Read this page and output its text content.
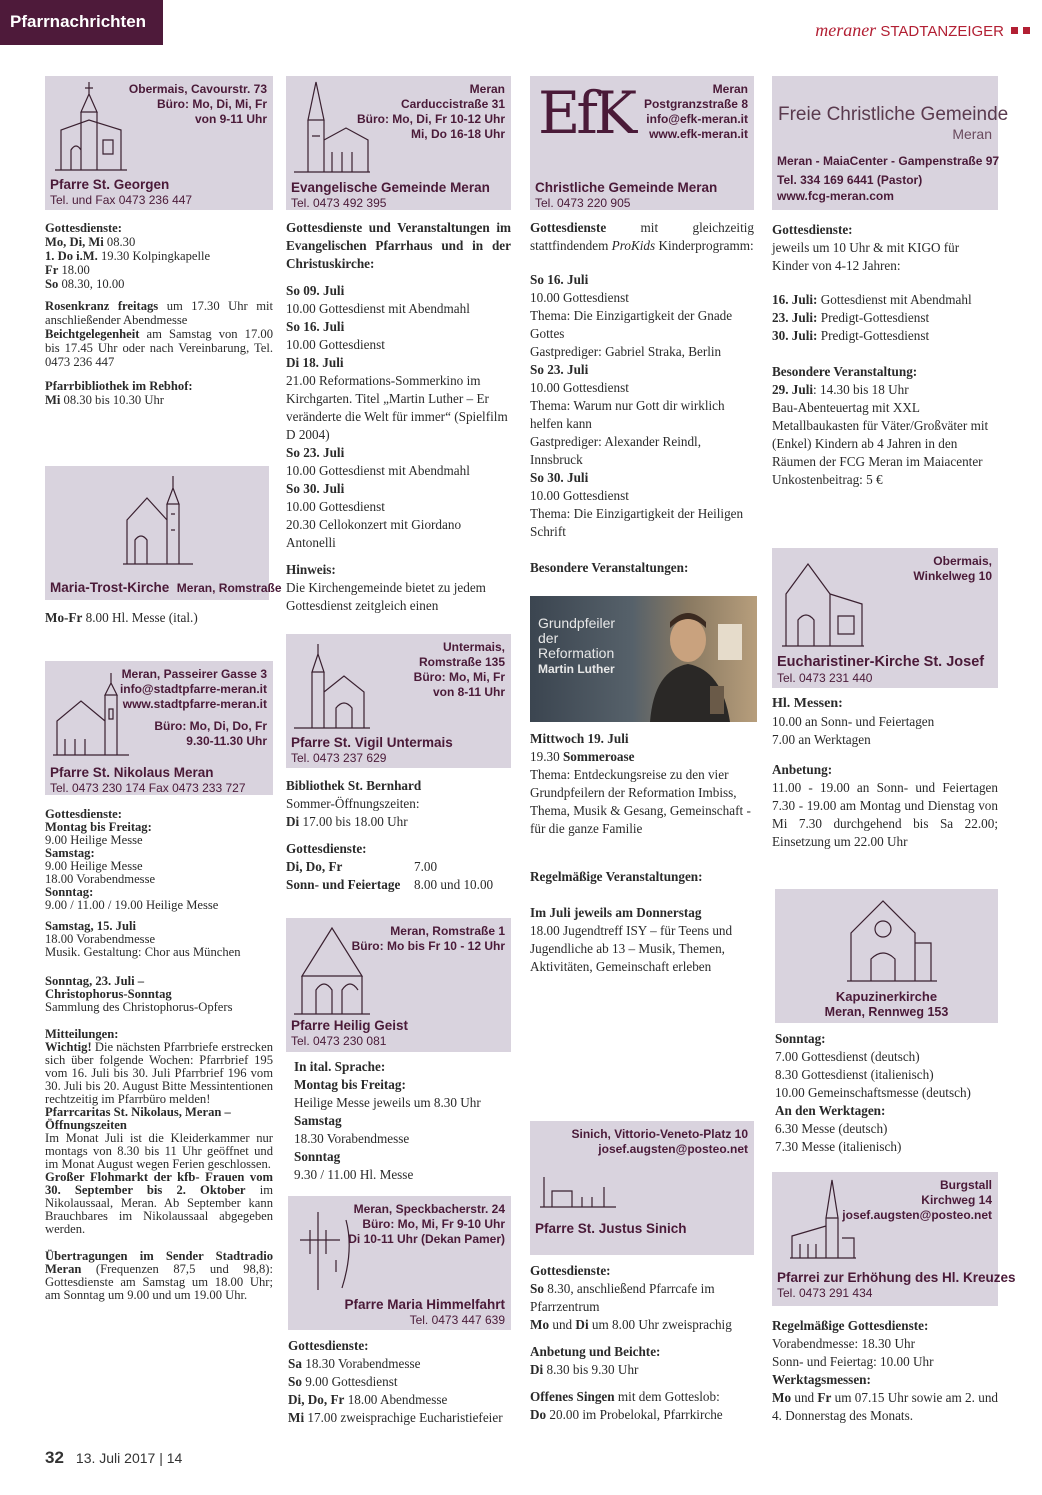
Pfarrnachrichten	meraner STADTANZEIGER
Obermais, Cavourstr. 73
Büro: Mo, Di, Mi, Fr
von 9-11 Uhr
Pfarre St. Georgen
Tel. und Fax 0473 236 447

Gottesdienste:

Mo, Di, Mi 08.30
1. Do i.M. 19.30 Kolpingkapelle
Fr 18.00

So 08.30, 10.00

Rosenkranz freitags um 17.30 Uhr mit anschließender Abendmesse

Beichtgelegenheit am Samstag von 17.00 bis 17.45 Uhr oder nach Vereinbarung, Tel. 0473 236 447

Pfarrbibliothek im Rebhof:
Mi 08.30 bis 10.30 Uhr
Maria-Trost-Kirche Meran, Romstraße
Mo-Fr 8.00 Hl. Messe (ital.)
Meran, Passeirer Gasse 3
info@stadtpfarre-meran.it
www.stadtpfarre-meran.it
Büro: Mo, Di, Do, Fr
9.30-11.30 Uhr
Pfarre St. Nikolaus Meran
Tel. 0473 230 174 Fax 0473 233 727
Gottesdienste:
Montag bis Freitag:
9.00 Heilige Messe
Samstag:
9.00 Heilige Messe
18.00 Vorabendmesse
Sonntag:

9.00 / 11.00 / 19.00 Heilige Messe

Samstag, 15. Juli
18.00 Vorabendmesse

Musik. Gestaltung: Chor aus München

Sonntag, 23. Juli –
Christophorus-Sonntag

Sammlung des Christophorus-Opfers

Mitteilungen:
Wichtig! Die nächsten Pfarrbriefe erstrecken sich über folgende Wochen: Pfarrbrief 195 vom 16. Juli bis 30. Juli Pfarrbrief 196 vom 30. Juli bis 20. August Bitte Messintentionen rechtzeitig im Pfarrbüro melden!
Pfarrcaritas St. Nikolaus, Meran – Öffnungszeiten
Im Monat Juli ist die Kleiderkammer nur montags von 8.30 bis 11 Uhr geöffnet und im Monat August wegen Ferien geschlossen.

Großer Flohmarkt der kfb- Frauen vom 30. September bis 2. Oktober im Nikolaussaal, Meran. Ab September kann Brauchbares im Nikolaussaal abgegeben werden.

Übertragungen im Sender Stadtradio Meran (Frequenzen 87,5 und 98,8): Gottesdienste am Samstag um 18.00 Uhr; am Sonntag um 9.00 und um 19.00 Uhr.
Meran
Carduccistraße 31
Büro: Mo, Di, Fr 10-12 Uhr
Mi, Do 16-18 Uhr
Evangelische Gemeinde Meran
Tel. 0473 492 395

Gottesdienste und Veranstaltungen im Evangelischen Pfarrhaus und in der Christuskirche:

So 09. Juli
10.00 Gottesdienst mit Abendmahl
So 16. Juli
10.00 Gottesdienst
Di 18. Juli
21.00 Reformations-Sommerkino im Kirchgarten. Titel „Martin Luther – Er veränderte die Welt für immer“ (Spielfilm D 2004)
So 23. Juli
10.00 Gottesdienst mit Abendmahl
So 30. Juli
10.00 Gottesdienst

20.30 Cellokonzert mit Giordano Antonelli

Hinweis:
Die Kirchengemeinde bietet zu jedem Gottesdienst zeitgleich einen
Untermais,
Romstraße 135
Büro: Mo, Mi, Fr
von 8-11 Uhr
Pfarre St. Vigil Untermais
Tel. 0473 237 629
Bibliothek St. Bernhard
Sommer-Öffnungszeiten:

Di 17.00 bis 18.00 Uhr

Gottesdienste:
Di, Do, Fr	7.00
Sonn- und Feiertage 8.00 und 10.00
Meran, Romstraße 1
Büro: Mo bis Fr 10 - 12 Uhr
Pfarre Heilig Geist
Tel. 0473 230 081
In ital. Sprache:
Montag bis Freitag:
Heilige Messe jeweils um 8.30 Uhr
Samstag
18.30 Vorabendmesse
Sonntag
9.30 / 11.00 Hl. Messe
Meran, Speckbacherstr. 24
Büro: Mo, Mi, Fr 9-10 Uhr
Di 10-11 Uhr (Dekan Pamer)
Pfarre Maria Himmelfahrt
Tel. 0473 447 639
Gottesdienste:
Sa 18.30 Vorabendmesse
So 9.00 Gottesdienst
Di, Do, Fr 18.00 Abendmesse
Mi 17.00 zweisprachige Eucharistiefeier
EfK	Meran
Postgranzstraße 8
info@efk-meran.it
www.efk-meran.it
Christliche Gemeinde Meran
Tel. 0473 220 905

Gottesdienste mit gleichzeitig stattfindendem ProKids Kinderprogramm:

So 16. Juli
10.00 Gottesdienst
Thema: Die Einzigartigkeit der Gnade Gottes
Gastprediger: Gabriel Straka, Berlin
So 23. Juli
10.00 Gottesdienst
Thema: Warum nur Gott dir wirklich helfen kann
Gastprediger: Alexander Reindl, Innsbruck
So 30. Juli
10.00 Gottesdienst
Thema: Die Einzigartigkeit der Heiligen Schrift
Besondere Veranstaltungen:
Grundpfeiler
der
Reformation
Martin Luther
Mittwoch 19. Juli
19.30 Sommeroase
Thema: Entdeckungsreise zu den vier Grundpfeilern der Reformation Imbiss, Thema, Musik & Gesang, Gemeinschaft - für die ganze Familie
Regelmäßige Veranstaltungen:
Im Juli jeweils am Donnerstag
18.00 Jugendtreff ISY – für Teens und Jugendliche ab 13 – Musik, Themen, Aktivitäten, Gemeinschaft erleben
Sinich, Vittorio-Veneto-Platz 10
josef.augsten@posteo.net
Pfarre St. Justus Sinich
Gottesdienste:
So 8.30, anschließend Pfarrcafe im Pfarrzentrum

Mo und Di um 8.00 Uhr zweisprachig

Anbetung und Beichte:

Di 8.30 bis 9.30 Uhr

Offenes Singen mit dem Gotteslob:
Do 20.00 im Probelokal, Pfarrkirche
Freie Christliche Gemeinde
Meran
Meran - MaiaCenter - Gampenstraße 97
Tel. 334 169 6441 (Pastor)
www.fcg-meran.com
Gottesdienste:
jeweils um 10 Uhr & mit KIGO für Kinder von 4-12 Jahren:
16. Juli: Gottesdienst mit Abendmahl
23. Juli: Predigt-Gottesdienst
30. Juli: Predigt-Gottesdienst
Besondere Veranstaltung:
29. Juli: 14.30 bis 18 Uhr
Bau-Abenteuertag mit XXL Metallbaukasten für Väter/Großväter mit (Enkel) Kindern ab 4 Jahren in den Räumen der FCG Meran im Maiacenter
Unkostenbeitrag: 5 €
Obermais,
Winkelweg 10
Eucharistiner-Kirche St. Josef
Tel. 0473 231 440
Hl. Messen:
10.00 an Sonn- und Feiertagen

7.00 an Werktagen

Anbetung:
11.00 - 19.00 an Sonn- und Feiertagen 7.30 - 19.00 am Montag und Dienstag von Mi 7.30 durchgehend bis Sa 22.00; Einsetzung um 22.00 Uhr
Kapuzinerkirche
Meran, Rennweg 153
Sonntag:
7.00 Gottesdienst (deutsch)
8.30 Gottesdienst (italienisch)
10.00 Gemeinschaftsmesse (deutsch)
An den Werktagen:
6.30 Messe (deutsch)
7.30 Messe (italienisch)
Burgstall
Kirchweg 14
josef.augsten@posteo.net
Pfarrei zur Erhöhung des Hl. Kreuzes
Tel. 0473 291 434
Regelmäßige Gottesdienste:
Vorabendmesse: 18.30 Uhr
Sonn- und Feiertag: 10.00 Uhr
Werktagsmessen:
Mo und Fr um 07.15 Uhr sowie am 2. und 4. Donnerstag des Monats.
32 13. Juli 2017 | 14
